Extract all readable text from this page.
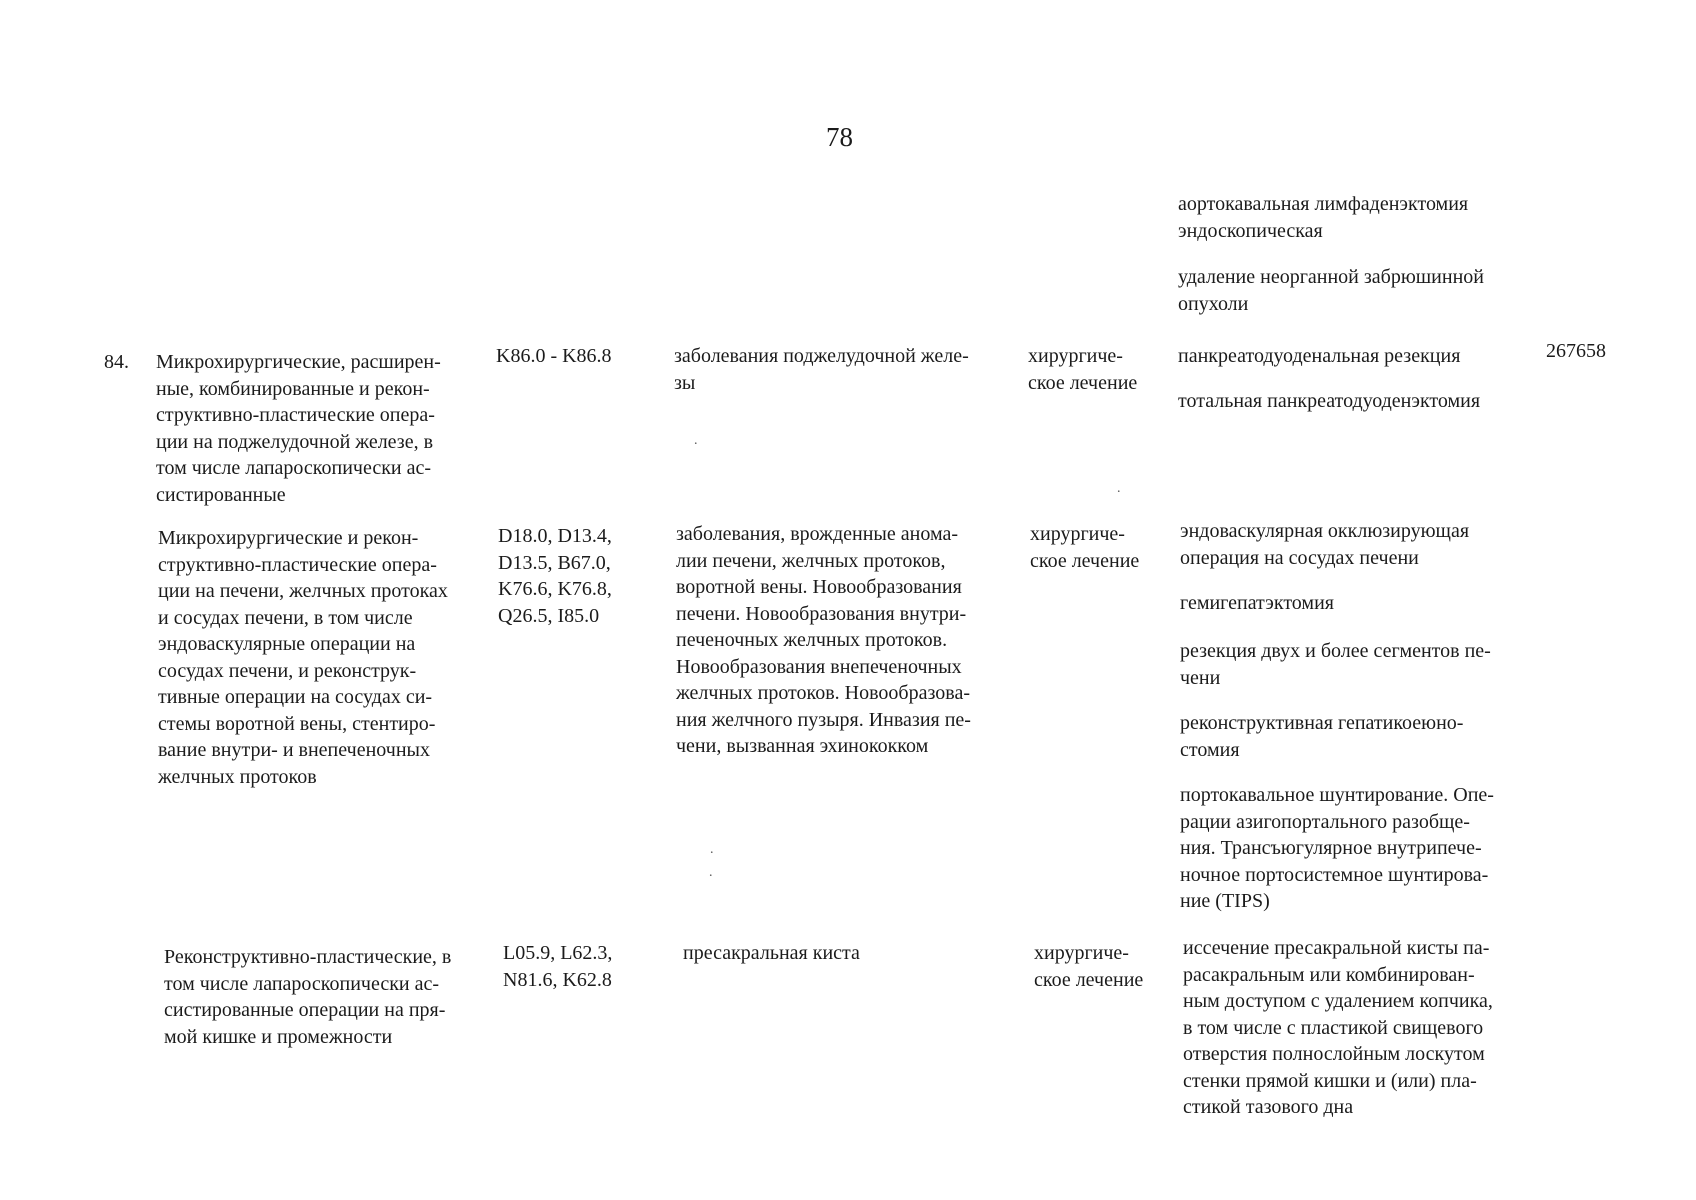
78
аортокавальная лимфаденэктомия
эндоскопическая
удаление неорганной забрюшинной
опухоли
84. Микрохирургические, расширен-
ные, комбинированные и рекон-
структивно-пластические опера-
ции на поджелудочной железе, в
том числе лапароскопически ас-
систированные
K86.0 - K86.8	заболевания поджелудочной желе-
зы
хирургиче-
ское лечение
панкреатодуоденальная резекция
тотальная панкреатодуоденэктомия
267658
Микрохирургические и рекон-
структивно-пластические опера-
ции на печени, желчных протоках
и сосудах печени, в том числе
эндоваскулярные операции на
сосудах печени, и реконструк-
тивные операции на сосудах си-
стемы воротной вены, стентиро-
вание внутри- и внепеченочных
желчных протоков
D18.0, D13.4,
D13.5, B67.0,
K76.6, K76.8,
Q26.5, I85.0
заболевания, врожденные анома-
лии печени, желчных протоков,
воротной вены. Новообразования
печени. Новообразования внутри-
печеночных желчных протоков.
Новообразования внепеченочных
желчных протоков. Новообразова-
ния желчного пузыря. Инвазия пе-
чени, вызванная эхинококком
хирургиче-
ское лечение
эндоваскулярная окклюзирующая
операция на сосудах печени
гемигепатэктомия
резекция двух и более сегментов пе-
чени
реконструктивная гепатикоеюно-
стомия
портокавальное шунтирование. Опе-
рации азигопортального разобще-
ния. Трансъюгулярное внутрипече-
ночное портосистемное шунтирова-
ние (TIPS)
Реконструктивно-пластические, в
том числе лапароскопически ас-
систированные операции на пря-
мой кишке и промежности
L05.9, L62.3,
N81.6, K62.8
пресакральная киста	хирургиче-
ское лечение
иссечение пресакральной кисты па-
расакральным или комбинирован-
ным доступом с удалением копчика,
в том числе с пластикой свищевого
отверстия полнослойным лоскутом
стенки прямой кишки и (или) пла-
стикой тазового дна
.
.
.
.
